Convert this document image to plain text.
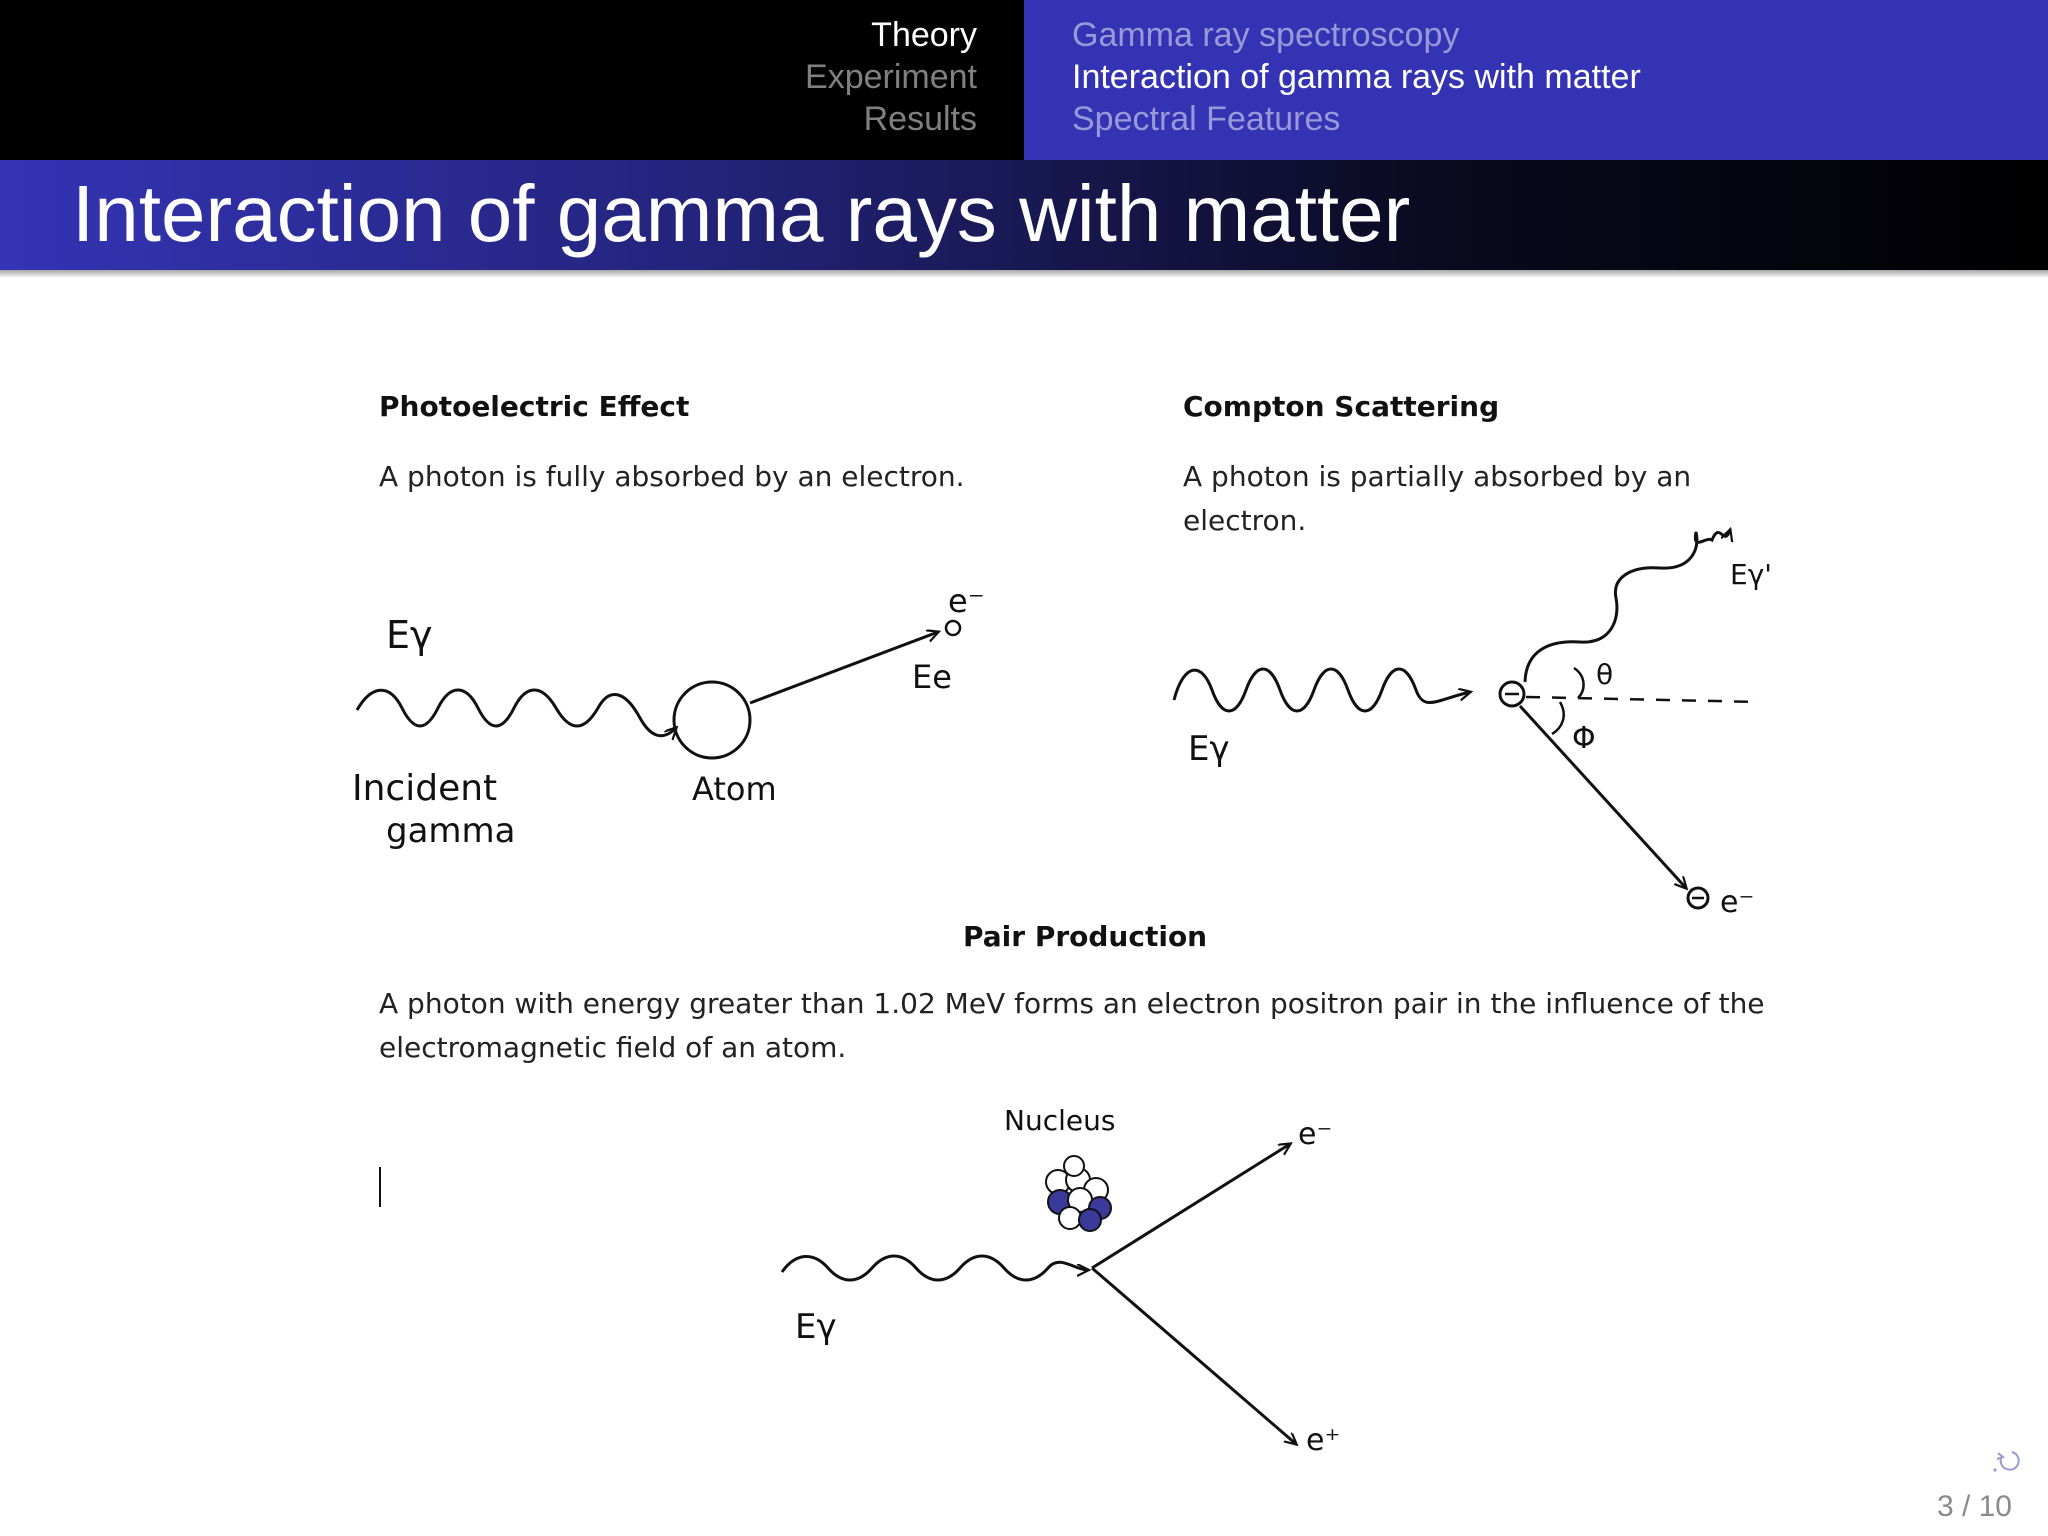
Theory
Experiment
Results
Gamma ray spectroscopy
Interaction of gamma rays with matter
Spectral Features
Interaction of gamma rays with matter
Photoelectric Effect
A photon is fully absorbed by an electron.
Compton Scattering
A photon is partially absorbed by an electron.
Pair Production
A photon with energy greater than 1.02 MeV forms an electron positron pair in the influence of the electromagnetic field of an atom.
Eγ
e⁻
Ee
Incident
gamma
Atom
Eγ
Eγ'
θ
Φ
e⁻
Nucleus
Eγ
e⁻
e⁺
3 / 10
